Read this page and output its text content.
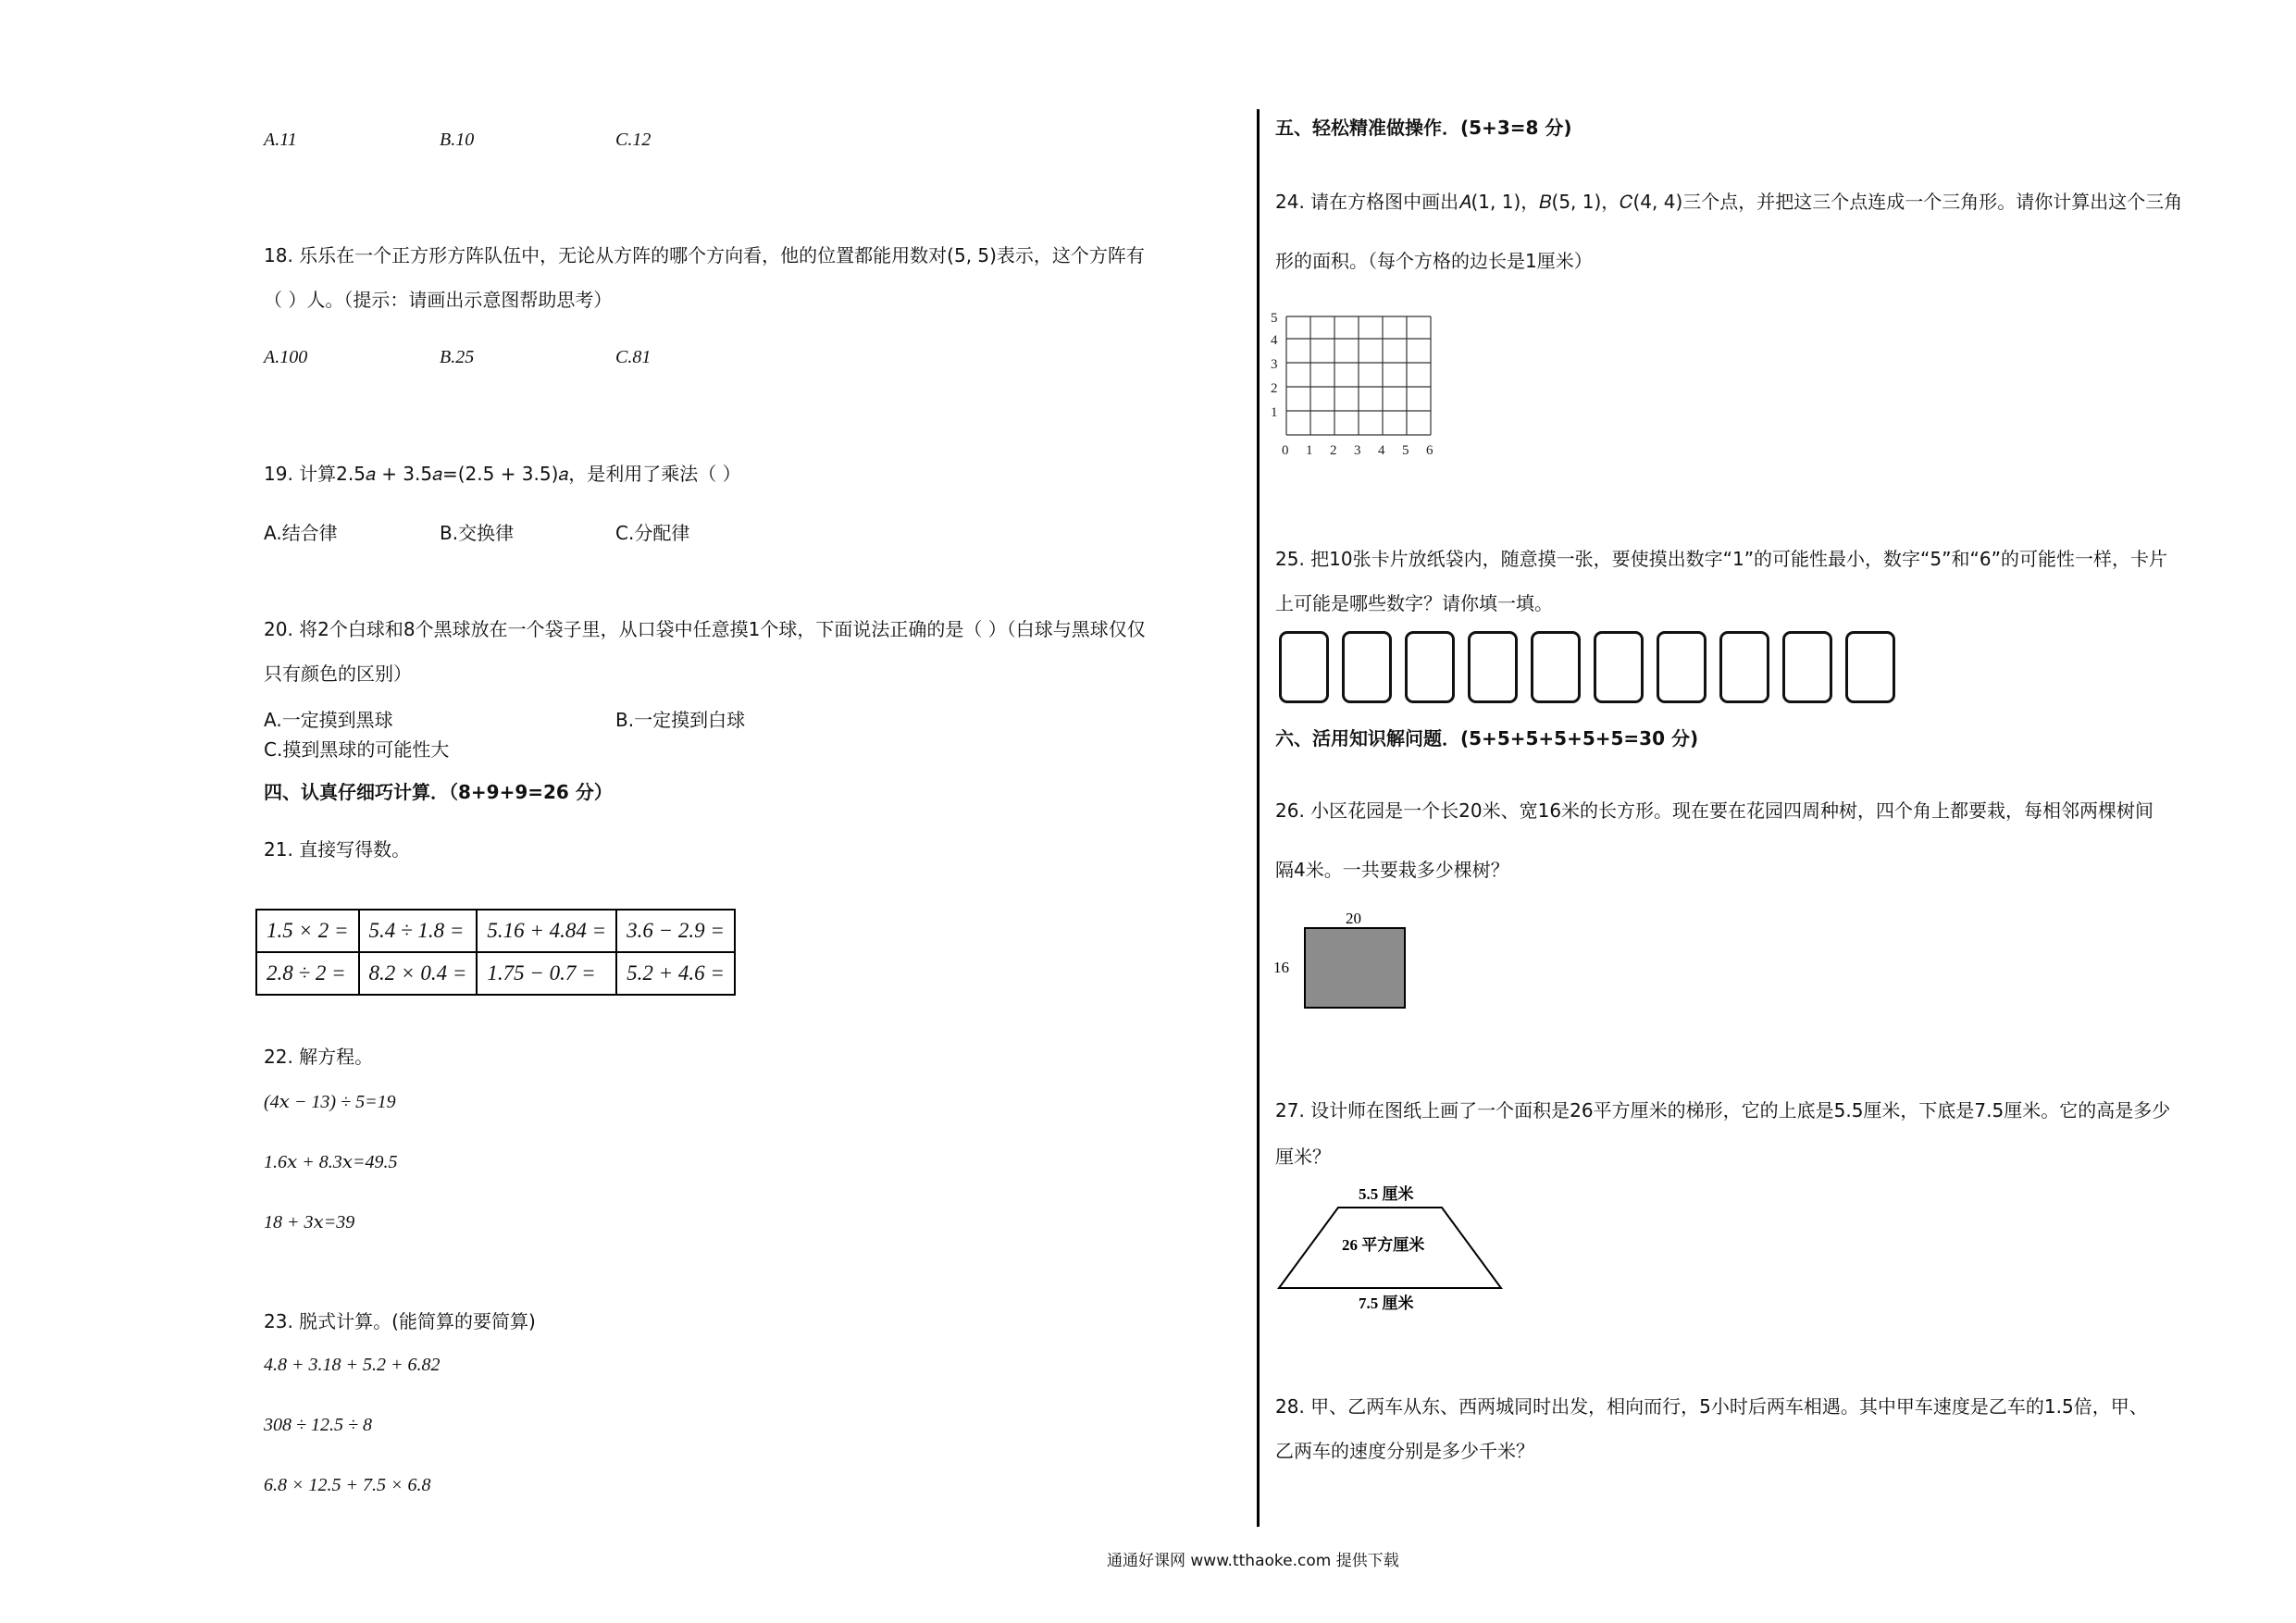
A.11	B.10	C.12
18. 乐乐在一个正方形方阵队伍中，无论从方阵的哪个方向看，他的位置都能用数对(5, 5)表示，这个方阵有
（ ）人。（提示：请画出示意图帮助思考）
A.100	B.25	C.81
19. 计算2.5𝑎 + 3.5𝑎=(2.5 + 3.5)𝑎，是利用了乘法（ ）
A.结合律	B.交换律	C.分配律
20. 将2个白球和8个黑球放在一个袋子里，从口袋中任意摸1个球，下面说法正确的是（ ）（白球与黑球仅仅
只有颜色的区别）
A.一定摸到黑球	B.一定摸到白球
C.摸到黑球的可能性大
四、认真仔细巧计算．（8+9+9=26 分）
21. 直接写得数。
1.5 × 2 =	5.4 ÷ 1.8 =	5.16 + 4.84 =	3.6 − 2.9 =
2.8 ÷ 2 =	8.2 × 0.4 =	1.75 − 0.7 =	5.2 + 4.6 =
22. 解方程。
(4𝑥 − 13) ÷ 5=19
1.6𝑥 + 8.3𝑥=49.5
18 + 3𝑥=39
23. 脱式计算。(能简算的要简算)
4.8 + 3.18 + 5.2 + 6.82
308 ÷ 12.5 ÷ 8
6.8 × 12.5 + 7.5 × 6.8
五、轻松精准做操作．(5+3=8 分)
24. 请在方格图中画出𝐴(1, 1)，𝐵(5, 1)，𝐶(4, 4)三个点，并把这三个点连成一个三角形。请你计算出这个三角
形的面积。（每个方格的边长是1厘米）
5
4
3
2
1
0 1 2 3 4 5 6
25. 把10张卡片放纸袋内，随意摸一张，要使摸出数字“1”的可能性最小，数字“5”和“6”的可能性一样，卡片
上可能是哪些数字？请你填一填。
六、活用知识解问题．(5+5+5+5+5+5=30 分)
26. 小区花园是一个长20米、宽16米的长方形。现在要在花园四周种树，四个角上都要栽，每相邻两棵树间
隔4米。一共要栽多少棵树？
20
16
27. 设计师在图纸上画了一个面积是26平方厘米的梯形，它的上底是5.5厘米，下底是7.5厘米。它的高是多少
厘米？
5.5 厘米
26 平方厘米
7.5 厘米
28. 甲、乙两车从东、西两城同时出发，相向而行，5小时后两车相遇。其中甲车速度是乙车的1.5倍，甲、
乙两车的速度分别是多少千米？
通通好课网 www.tthaoke.com 提供下载
